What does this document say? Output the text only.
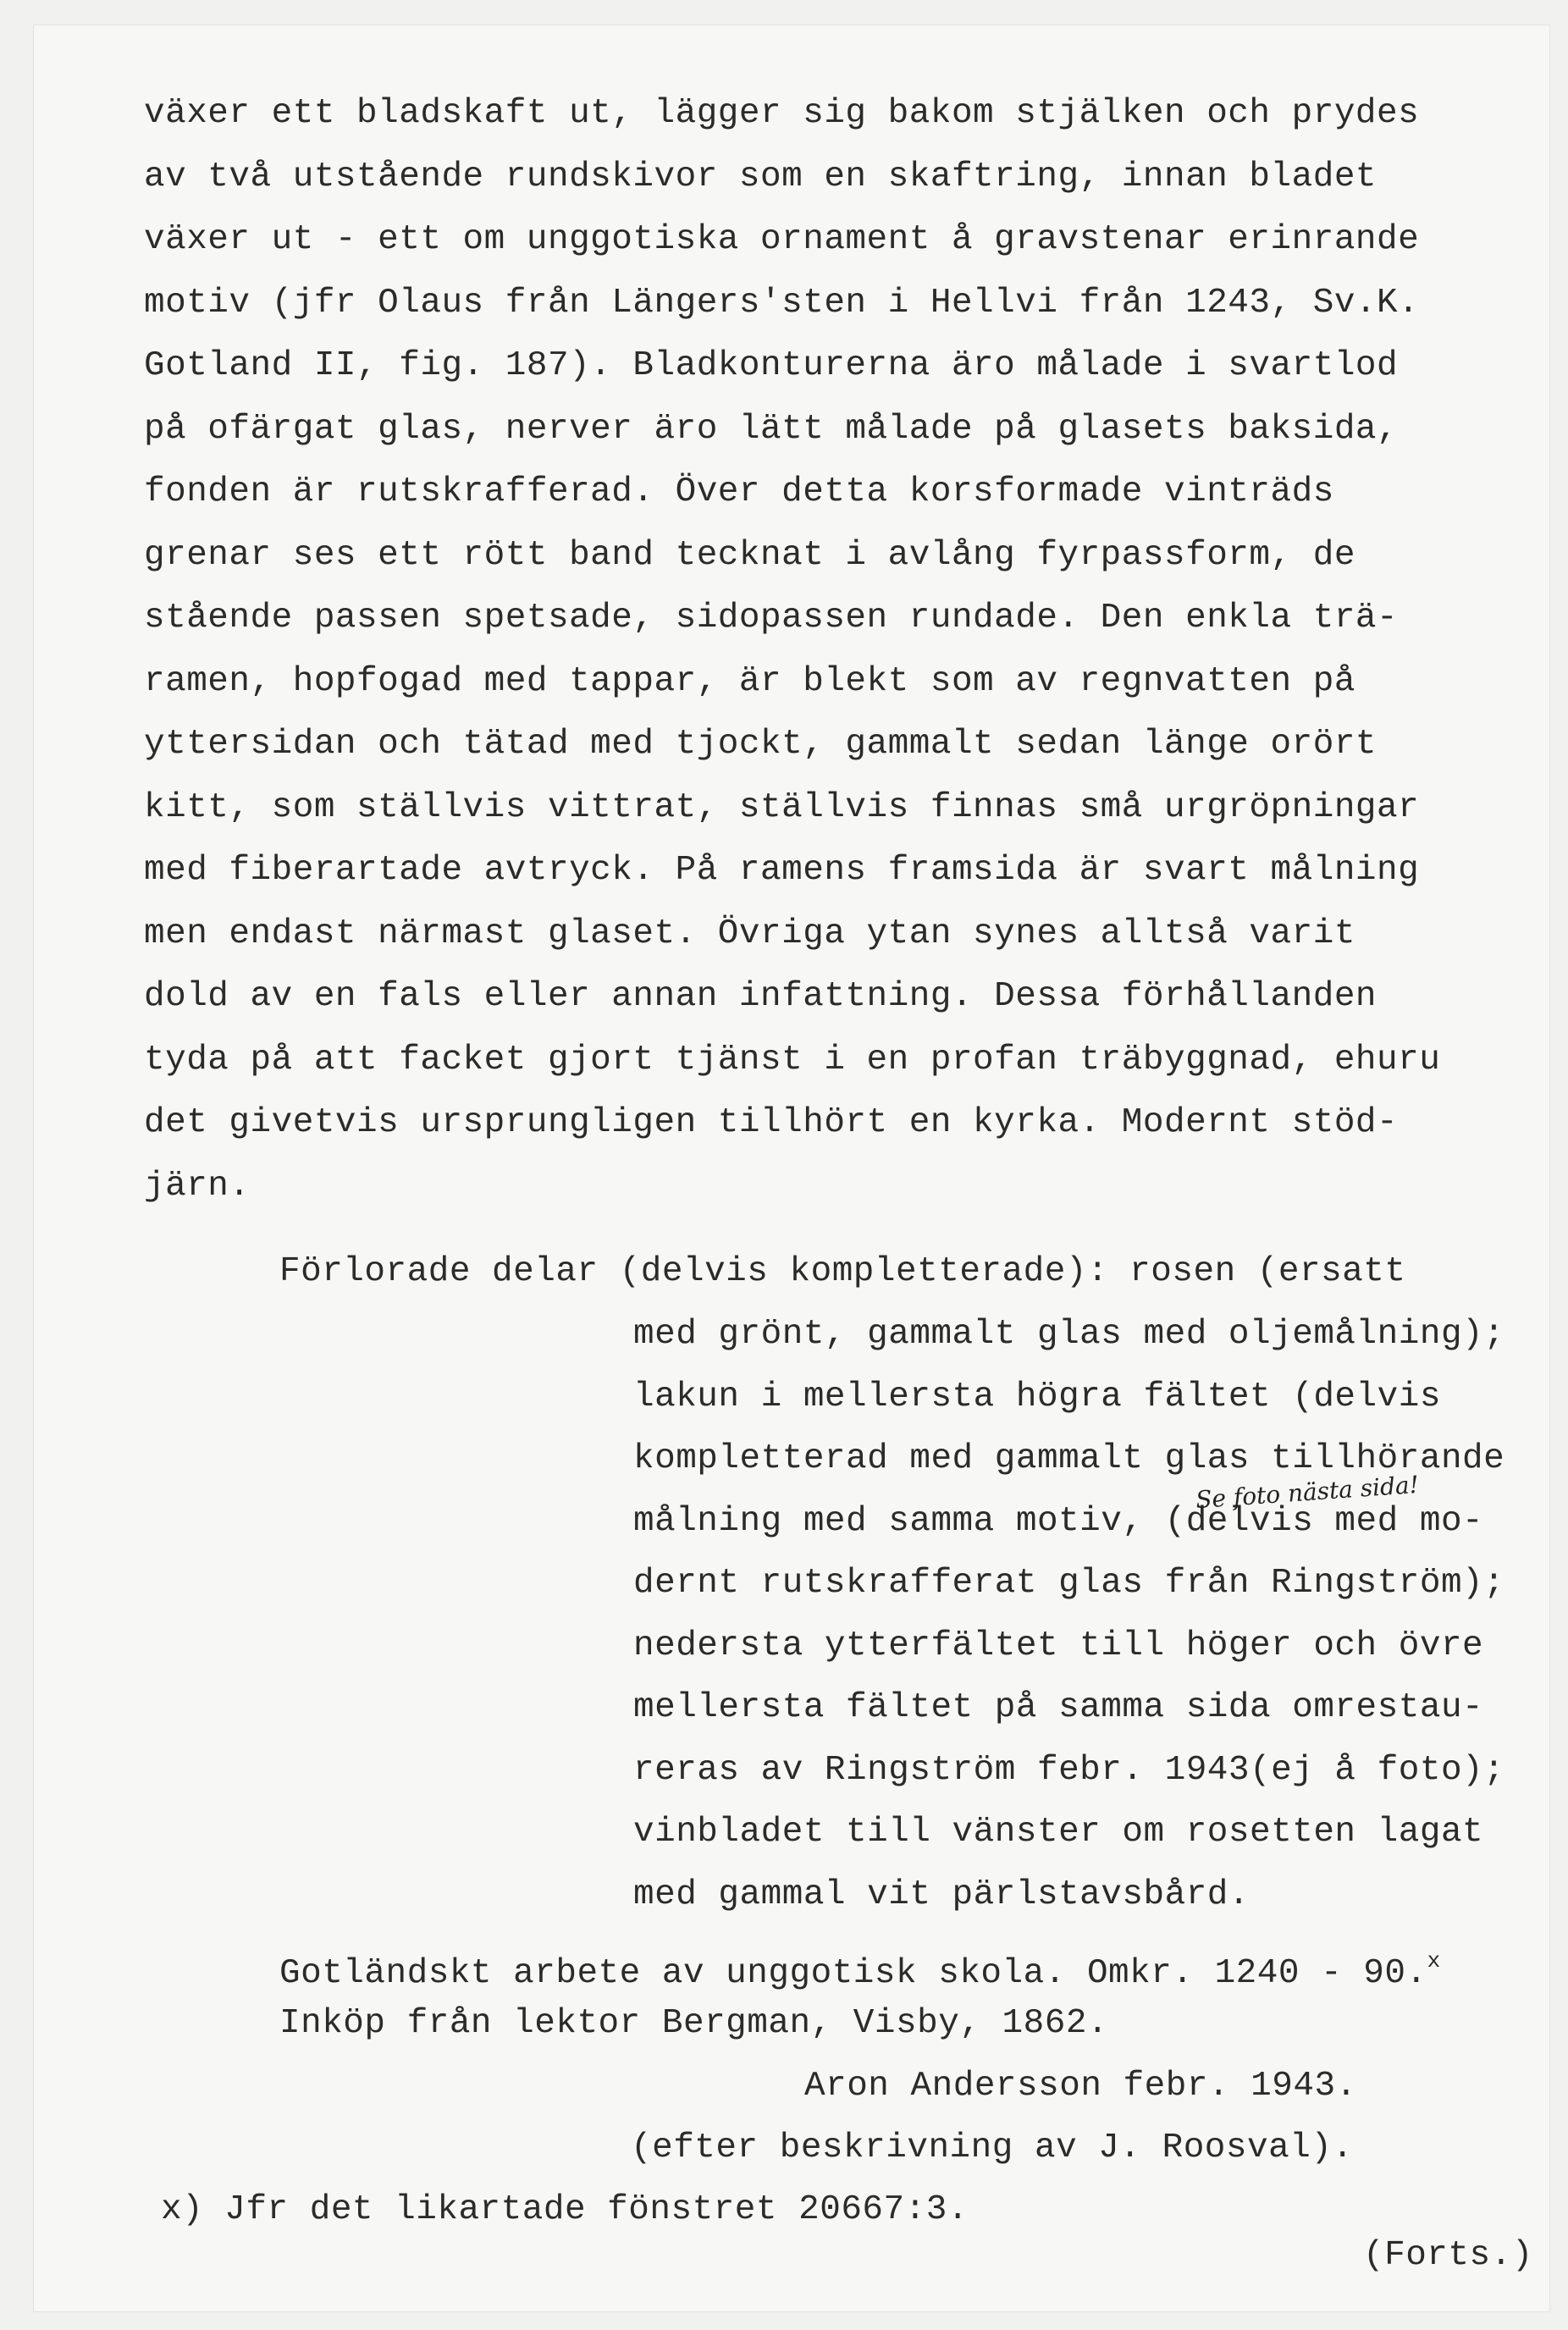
växer ett bladskaft ut, lägger sig bakom stjälken och prydes
av två utstående rundskivor som en skaftring, innan bladet
växer ut - ett om unggotiska ornament å gravstenar erinrande
motiv (jfr Olaus från Längers'sten i Hellvi från 1243, Sv.K.
Gotland II, fig. 187). Bladkonturerna äro målade i svartlod
på ofärgat glas, nerver äro lätt målade på glasets baksida,
fonden är rutskrafferad. Över detta korsformade vinträds
grenar ses ett rött band tecknat i avlång fyrpassform, de
stående passen spetsade, sidopassen rundade. Den enkla trä-
ramen, hopfogad med tappar, är blekt som av regnvatten på
yttersidan och tätad med tjockt, gammalt sedan länge orört
kitt, som ställvis vittrat, ställvis finnas små urgröpningar
med fiberartade avtryck. På ramens framsida är svart målning
men endast närmast glaset. Övriga ytan synes alltså varit
dold av en fals eller annan infattning. Dessa förhållanden
tyda på att facket gjort tjänst i en profan träbyggnad, ehuru
det givetvis ursprungligen tillhört en kyrka. Modernt stöd-
järn.
Förlorade delar (delvis kompletterade): rosen (ersatt
med grönt, gammalt glas med oljemålning);
lakun i mellersta högra fältet (delvis
kompletterad med gammalt glas tillhörande
målning med samma motiv, (delvis med mo-
dernt rutskrafferat glas från Ringström);
nedersta ytterfältet till höger och övre
mellersta fältet på samma sida omrestau-
reras av Ringström febr. 1943(ej å foto);
vinbladet till vänster om rosetten lagat
med gammal vit pärlstavsbård.
Se foto nästa sida!
Gotländskt arbete av unggotisk skola. Omkr. 1240 - 90.$^x$
Inköp från lektor Bergman, Visby, 1862.
Aron Andersson febr. 1943.
(efter beskrivning av J. Roosval).
x) Jfr det likartade fönstret 20667:3.
(Forts.)
